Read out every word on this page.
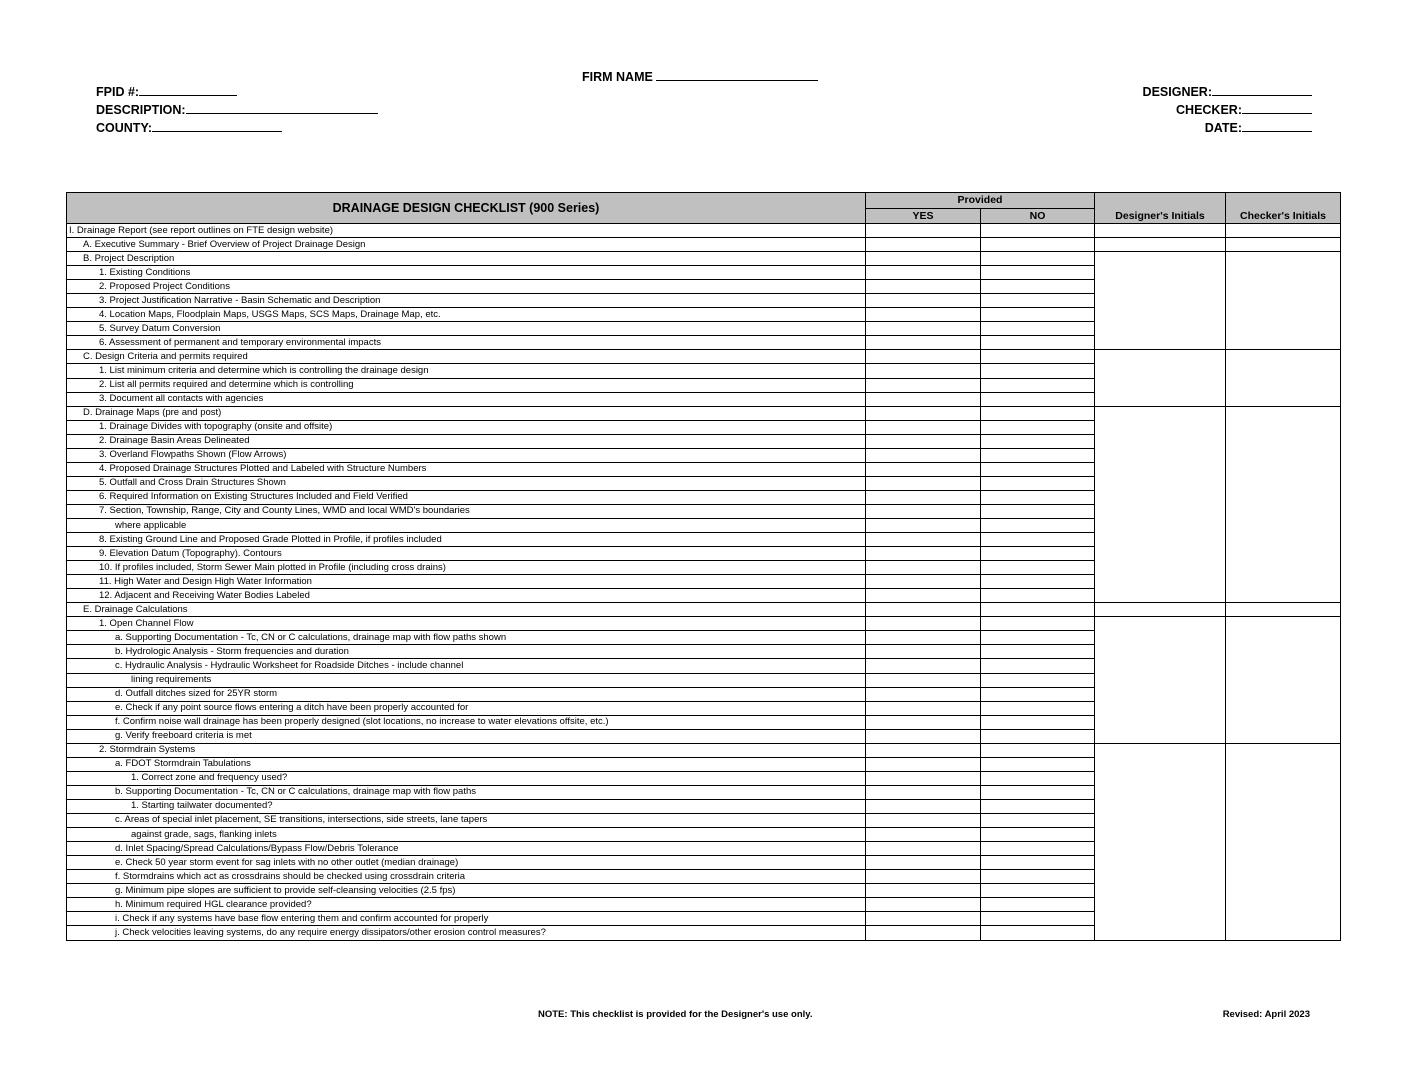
FIRM NAME
FPID #:
DESCRIPTION:
COUNTY:
DESIGNER:
CHECKER:
DATE:
DRAINAGE DESIGN CHECKLIST (900 Series)	Provided		Designer's Initials	Checker's Initials
	YES	NO		
I. Drainage Report (see report outlines on FTE design website)				
A. Executive Summary - Brief Overview of Project Drainage Design				
B. Project Description				
1. Existing Conditions				
2. Proposed Project Conditions				
3. Project Justification Narrative - Basin Schematic and Description				
4. Location Maps, Floodplain Maps, USGS Maps, SCS Maps, Drainage Map, etc.				
5. Survey Datum Conversion				
6. Assessment of permanent and temporary environmental impacts				
C. Design Criteria and permits required				
1. List minimum criteria and determine which is controlling the drainage design				
2. List all permits required and determine which is controlling				
3. Document all contacts with agencies				
D. Drainage Maps (pre and post)				
1. Drainage Divides with topography (onsite and offsite)				
2. Drainage Basin Areas Delineated				
3. Overland Flowpaths Shown (Flow Arrows)				
4. Proposed Drainage Structures Plotted and Labeled with Structure Numbers				
5. Outfall and Cross Drain Structures Shown				
6. Required Information on Existing Structures Included and Field Verified				
7. Section, Township, Range, City and County Lines, WMD and local WMD's boundaries				
where applicable				
8. Existing Ground Line and Proposed Grade Plotted in Profile, if profiles included				
9. Elevation Datum (Topography). Contours				
10. If profiles included, Storm Sewer Main plotted in Profile (including cross drains)				
11. High Water and Design High Water Information				
12. Adjacent and Receiving Water Bodies Labeled				
E. Drainage Calculations				
1. Open Channel Flow				
a. Supporting Documentation - Tc, CN or C calculations, drainage map with flow paths shown				
b. Hydrologic Analysis - Storm frequencies and duration				
c. Hydraulic Analysis - Hydraulic Worksheet for Roadside Ditches - include channel				
lining requirements				
d. Outfall ditches sized for 25YR storm				
e. Check if any point source flows entering a ditch have been properly accounted for				
f. Confirm noise wall drainage has been properly designed (slot locations, no increase to water elevations offsite, etc.)				
g. Verify freeboard criteria is met				
2. Stormdrain Systems				
a. FDOT Stormdrain Tabulations				
1. Correct zone and frequency used?				
b. Supporting Documentation - Tc, CN or C calculations, drainage map with flow paths				
1. Starting tailwater documented?				
c. Areas of special inlet placement, SE transitions, intersections, side streets, lane tapers				
against grade, sags, flanking inlets				
d. Inlet Spacing/Spread Calculations/Bypass Flow/Debris Tolerance				
e. Check 50 year storm event for sag inlets with no other outlet (median drainage)				
f. Stormdrains which act as crossdrains should be checked using crossdrain criteria				
g. Minimum pipe slopes are sufficient to provide self-cleansing velocities (2.5 fps)				
h. Minimum required HGL clearance provided?				
i. Check if any systems have base flow entering them and confirm accounted for properly				
j. Check velocities leaving systems, do any require energy dissipators/other erosion control measures?				
NOTE: This checklist is provided for the Designer's use only.	Revised: April 2023
